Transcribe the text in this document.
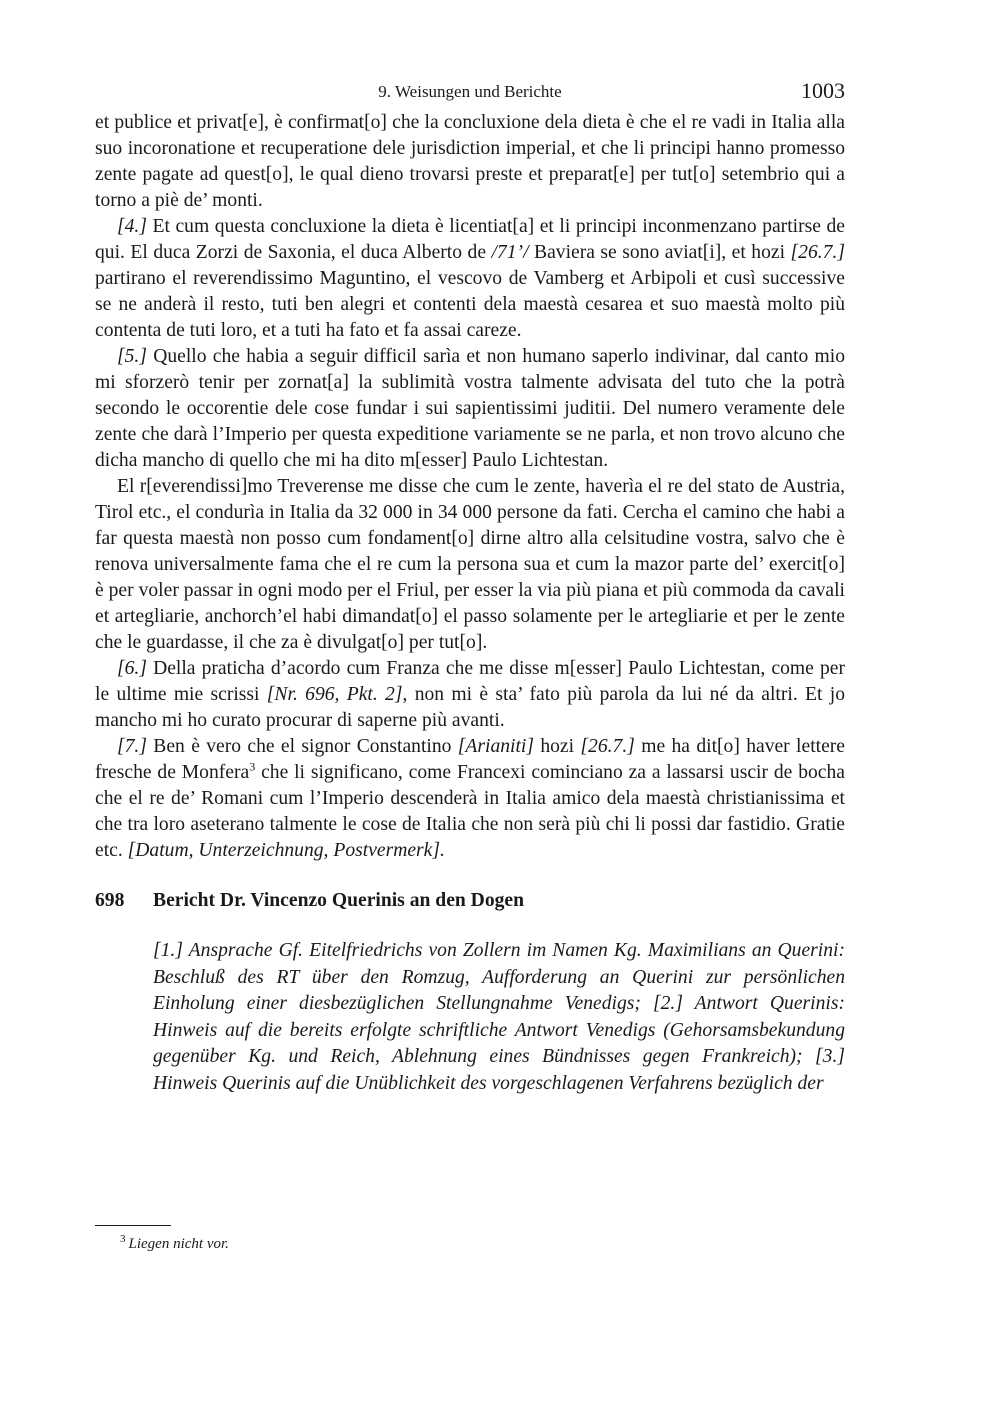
9. Weisungen und Berichte	1003

et publice et privat[e], è confirmat[o] che la concluxione dela dieta è che el re vadi in Italia alla suo incoronatione et recuperatione dele jurisdiction imperial, et che li principi hanno promesso zente pagate ad quest[o], le qual dieno trovarsi preste et preparat[e] per tut[o] setembrio qui a torno a piè de’ monti.

[4.] Et cum questa concluxione la dieta è licentiat[a] et li principi inconmenzano partirse de qui. El duca Zorzi de Saxonia, el duca Alberto de /71’/ Baviera se sono aviat[i], et hozi [26.7.] partirano el reverendissimo Maguntino, el vescovo de Vamberg et Arbipoli et cusì successive se ne anderà il resto, tuti ben alegri et contenti dela maestà cesarea et suo maestà molto più contenta de tuti loro, et a tuti ha fato et fa assai careze.

[5.] Quello che habia a seguir difficil sarìa et non humano saperlo indivinar, dal canto mio mi sforzerò tenir per zornat[a] la sublimità vostra talmente advisata del tuto che la potrà secondo le occorentie dele cose fundar i sui sapientissimi juditii. Del numero veramente dele zente che darà l’Imperio per questa expeditione variamente se ne parla, et non trovo alcuno che dicha mancho di quello che mi ha dito m[esser] Paulo Lichtestan.

El r[everendissi]mo Treverense me disse che cum le zente, haverìa el re del stato de Austria, Tirol etc., el condurìa in Italia da 32 000 in 34 000 persone da fati. Cercha el camino che habi a far questa maestà non posso cum fondament[o] dirne altro alla celsitudine vostra, salvo che è renova universalmente fama che el re cum la persona sua et cum la mazor parte del’ exercit[o] è per voler passar in ogni modo per el Friul, per esser la via più piana et più commoda da cavali et artegliarie, anchorch’el habi dimandat[o] el passo solamente per le artegliarie et per le zente che le guardasse, il che za è divulgat[o] per tut[o].

[6.] Della praticha d’acordo cum Franza che me disse m[esser] Paulo Lichtestan, come per le ultime mie scrissi [Nr. 696, Pkt. 2], non mi è sta’ fato più parola da lui né da altri. Et jo mancho mi ho curato procurar di saperne più avanti.

[7.] Ben è vero che el signor Constantino [Arianiti] hozi [26.7.] me ha dit[o] haver lettere fresche de Monfera$^3$ che li significano, come Francexi cominciano za a lassarsi uscir de bocha che el re de’ Romani cum l’Imperio descenderà in Italia amico dela maestà christianissima et che tra loro aseterano talmente le cose de Italia che non serà più chi li possi dar fastidio. Gratie etc. [Datum, Unterzeichnung, Postvermerk].

698	Bericht Dr. Vincenzo Querinis an den Dogen
[1.] Ansprache Gf. Eitelfriedrichs von Zollern im Namen Kg. Maximilians an Querini: Beschluß des RT über den Romzug, Aufforderung an Querini zur persönlichen Einholung einer diesbezüglichen Stellungnahme Venedigs; [2.] Antwort Querinis: Hinweis auf die bereits erfolgte schriftliche Antwort Venedigs (Gehorsamsbekundung gegenüber Kg. und Reich, Ablehnung eines Bündnisses gegen Frankreich); [3.] Hinweis Querinis auf die Unüblichkeit des vorgeschlagenen Verfahrens bezüglich der
$^3$ Liegen nicht vor.
